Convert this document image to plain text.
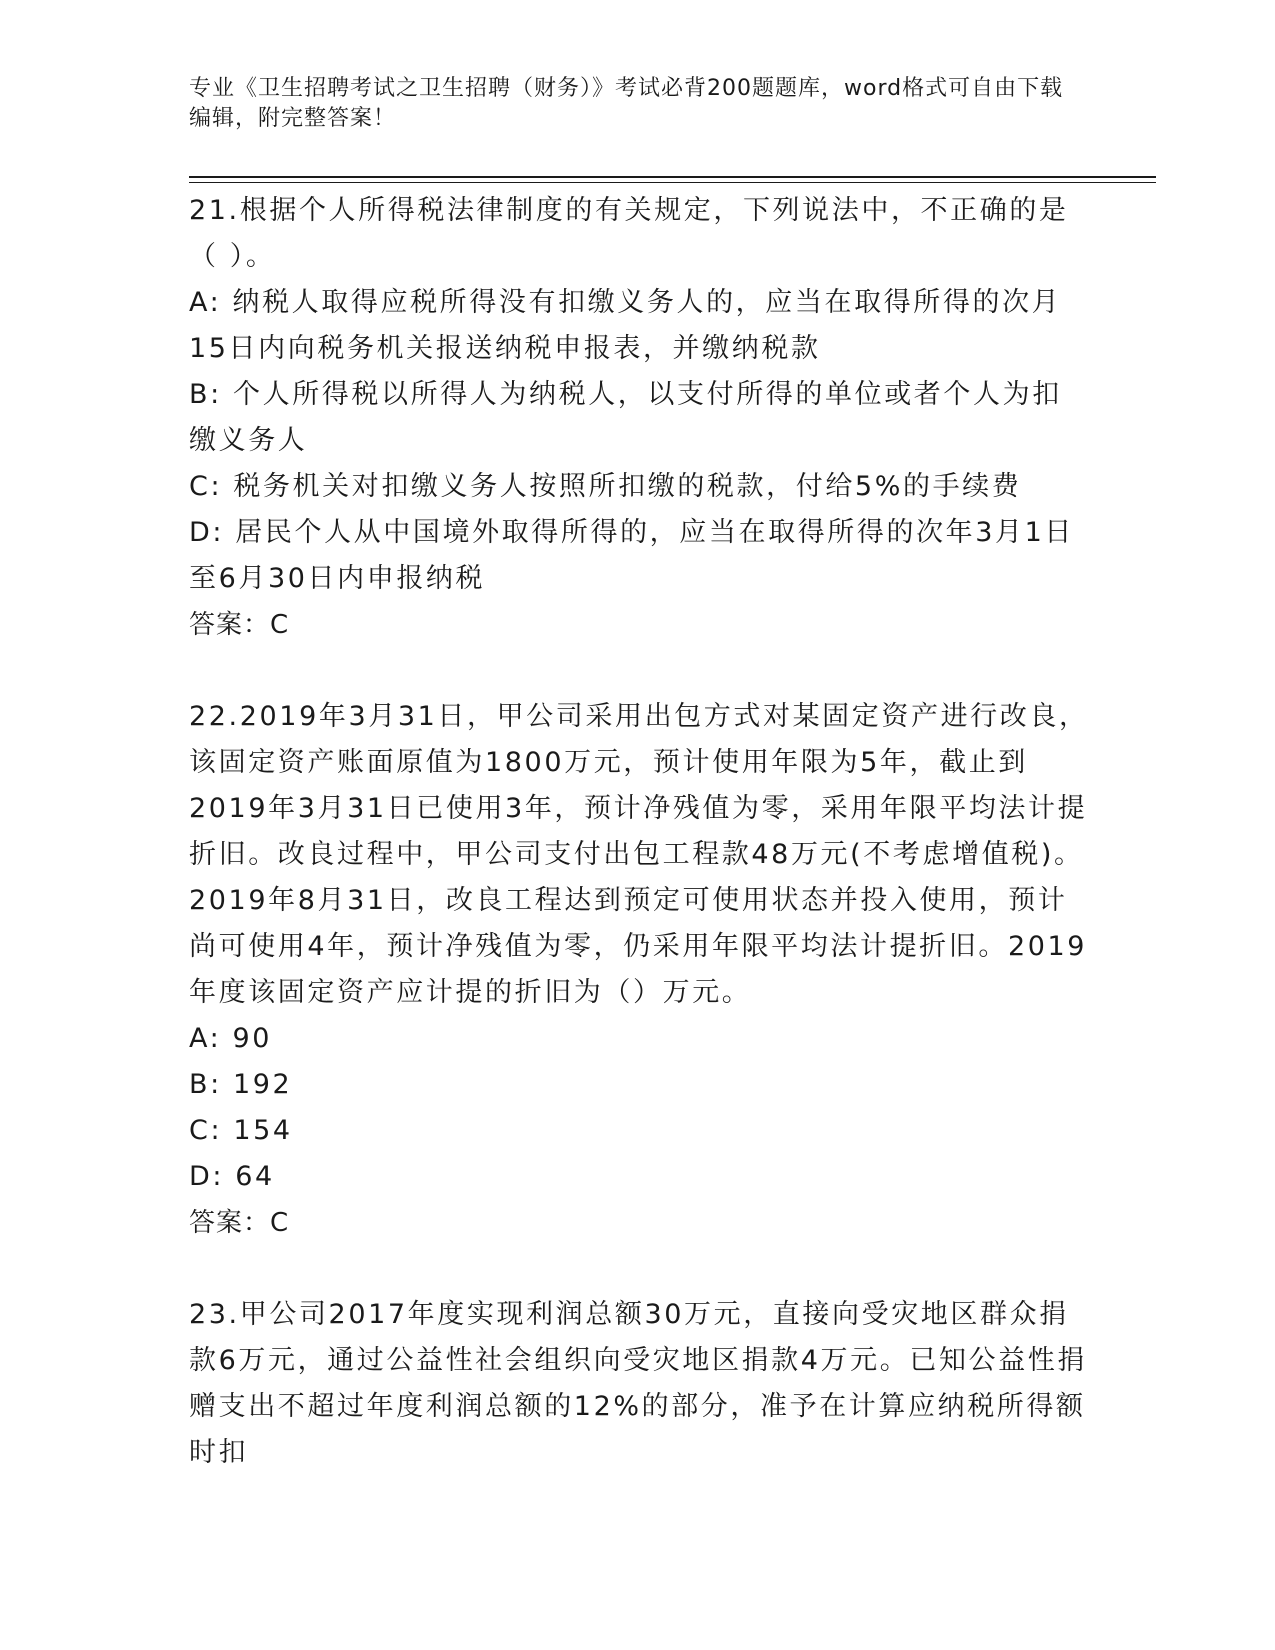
专业《卫生招聘考试之卫生招聘（财务）》考试必背200题题库，word格式可自由下载编辑，附完整答案！

21.根据个人所得税法律制度的有关规定，下列说法中，不正确的是（ ）。

A: 纳税人取得应税所得没有扣缴义务人的，应当在取得所得的次月15日内向税务机关报送纳税申报表，并缴纳税款

B: 个人所得税以所得人为纳税人，以支付所得的单位或者个人为扣缴义务人

C: 税务机关对扣缴义务人按照所扣缴的税款，付给5%的手续费

D: 居民个人从中国境外取得所得的，应当在取得所得的次年3月1日至6月30日内申报纳税

答案：C

22.2019年3月31日，甲公司采用出包方式对某固定资产进行改良，该固定资产账面原值为1800万元，预计使用年限为5年，截止到2019年3月31日已使用3年，预计净残值为零，采用年限平均法计提折旧。改良过程中，甲公司支付出包工程款48万元(不考虑增值税)。2019年8月31日，改良工程达到预定可使用状态并投入使用，预计尚可使用4年，预计净残值为零，仍采用年限平均法计提折旧。2019年度该固定资产应计提的折旧为（）万元。

A: 90

B: 192

C: 154

D: 64

答案：C

23.甲公司2017年度实现利润总额30万元，直接向受灾地区群众捐款6万元，通过公益性社会组织向受灾地区捐款4万元。已知公益性捐赠支出不超过年度利润总额的12%的部分，准予在计算应纳税所得额时扣
